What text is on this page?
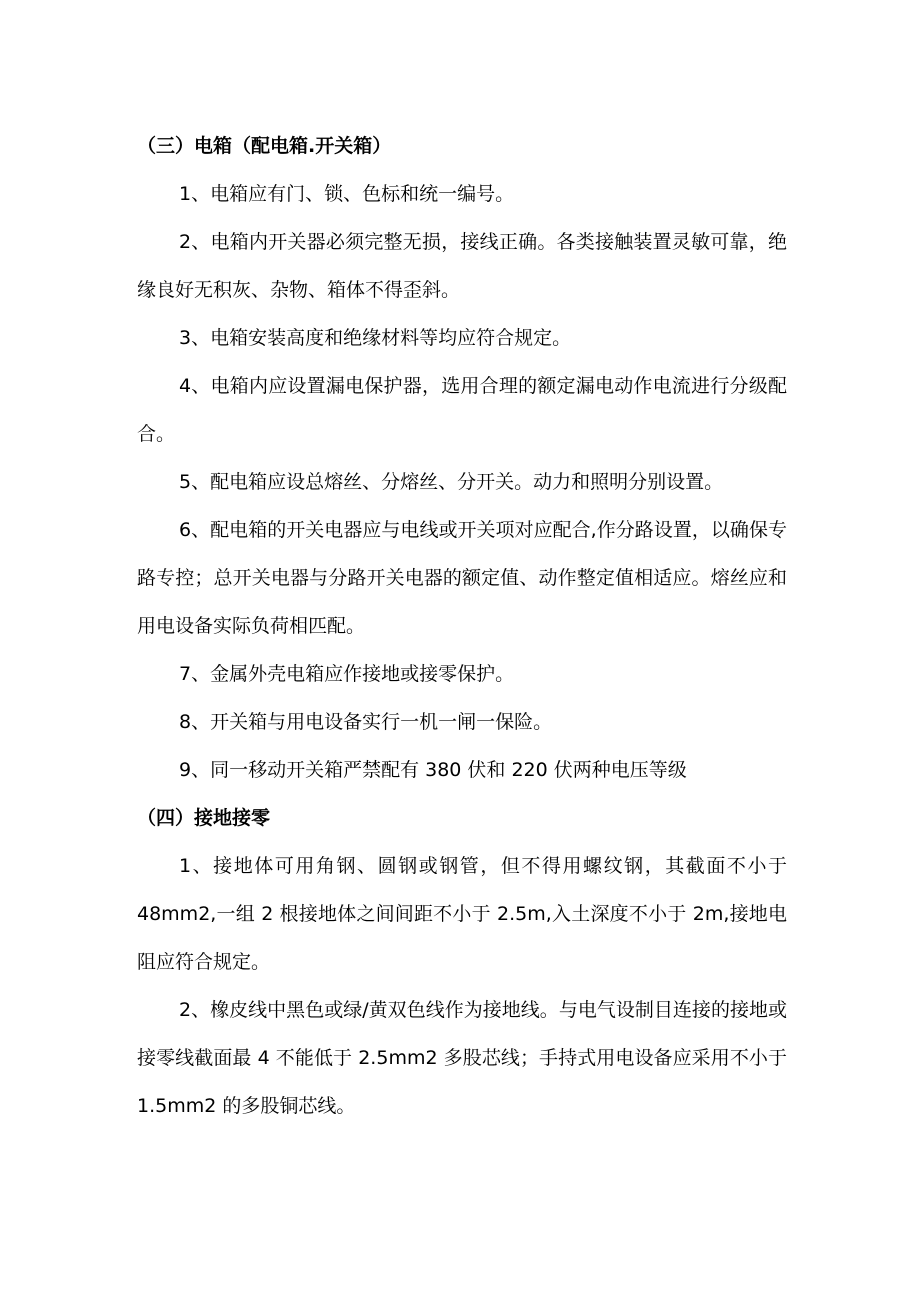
（三）电箱（配电箱.开关箱）

1、电箱应有门、锁、色标和统一编号。

2、电箱内开关器必须完整无损，接线正确。各类接触装置灵敏可靠，绝缘良好无积灰、杂物、箱体不得歪斜。

3、电箱安装高度和绝缘材料等均应符合规定。

4、电箱内应设置漏电保护器，选用合理的额定漏电动作电流进行分级配合。

5、配电箱应设总熔丝、分熔丝、分开关。动力和照明分别设置。

6、配电箱的开关电器应与电线或开关项对应配合,作分路设置，以确保专路专控；总开关电器与分路开关电器的额定值、动作整定值相适应。熔丝应和用电设备实际负荷相匹配。

7、金属外壳电箱应作接地或接零保护。

8、开关箱与用电设备实行一机一闸一保险。

9、同一移动开关箱严禁配有 380 伏和 220 伏两种电压等级

（四）接地接零

1、接地体可用角钢、圆钢或钢管，但不得用螺纹钢，其截面不小于 48mm2,一组 2 根接地体之间间距不小于 2.5m,入土深度不小于 2m,接地电阻应符合规定。

2、橡皮线中黑色或绿/黄双色线作为接地线。与电气设制目连接的接地或接零线截面最 4 不能低于 2.5mm2 多股芯线；手持式用电设备应采用不小于 1.5mm2 的多股铜芯线。
